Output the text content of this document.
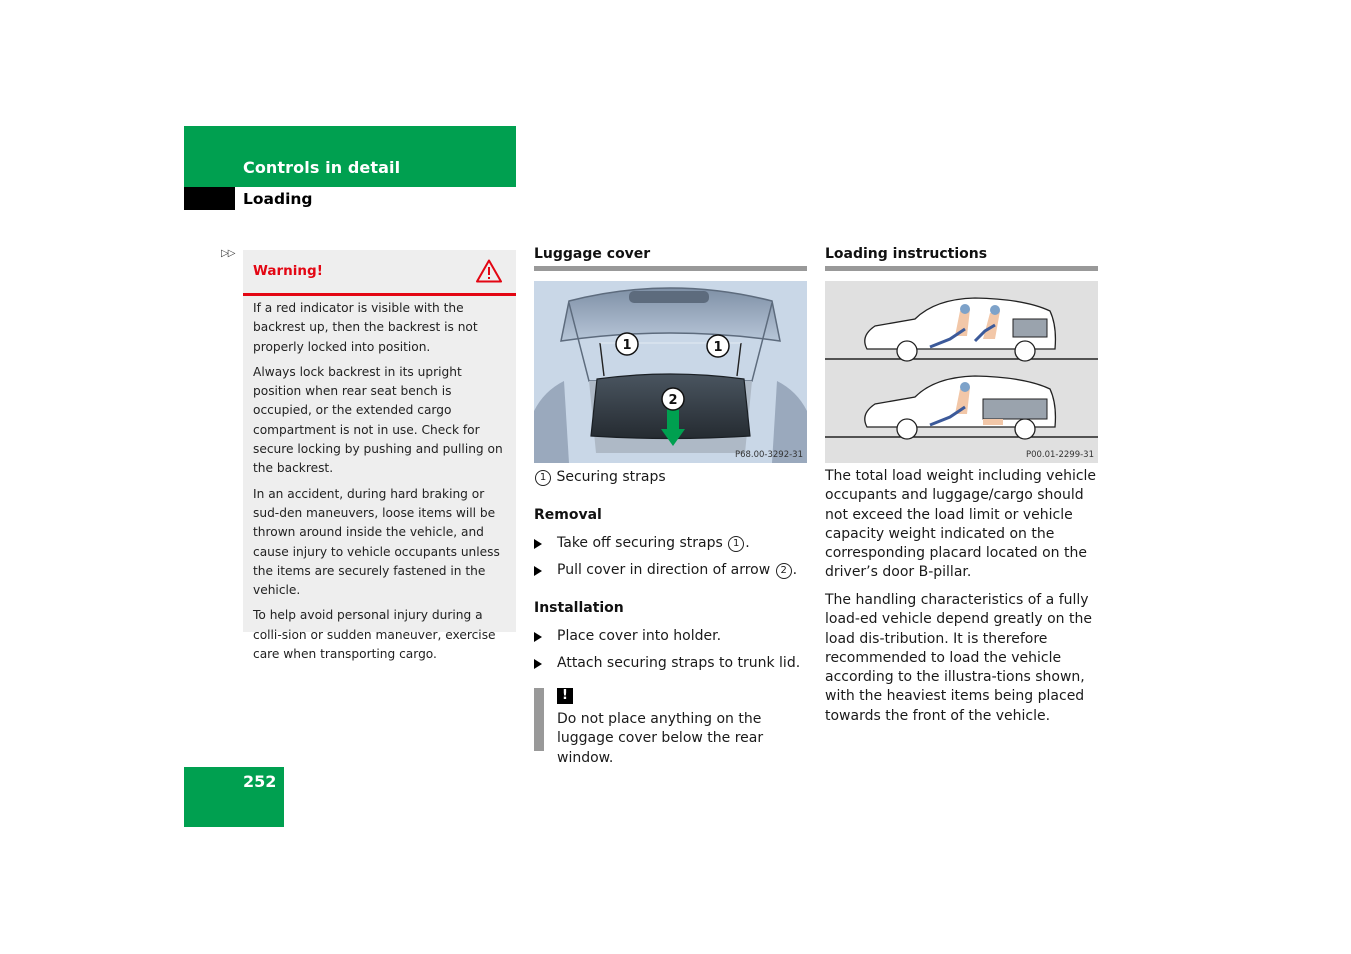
Controls in detail
Loading
▷▷
Warning!

If a red indicator is visible with the backrest up, then the backrest is not properly locked into position.

Always lock backrest in its upright position when rear seat bench is occupied, or the extended cargo compartment is not in use. Check for secure locking by pushing and pulling on the backrest.

In an accident, during hard braking or sud-den maneuvers, loose items will be thrown around inside the vehicle, and cause injury to vehicle occupants unless the items are securely fastened in the vehicle.

To help avoid personal injury during a colli-sion or sudden maneuver, exercise care when transporting cargo.

Luggage cover
1	1
2
P68.00-3292-31
1 Securing straps
Removal
Take off securing straps 1 .
Pull cover in direction of arrow 2 .
Installation
Place cover into holder.
Attach securing straps to trunk lid.
!
Do not place anything on the luggage cover below the rear window.
Loading instructions
P00.01-2299-31
The total load weight including vehicle occupants and luggage/cargo should not exceed the load limit or vehicle capacity weight indicated on the corresponding placard located on the driver’s door B-pillar.
The handling characteristics of a fully load-ed vehicle depend greatly on the load dis-tribution. It is therefore recommended to load the vehicle according to the illustra-tions shown, with the heaviest items being placed towards the front of the vehicle.
252
